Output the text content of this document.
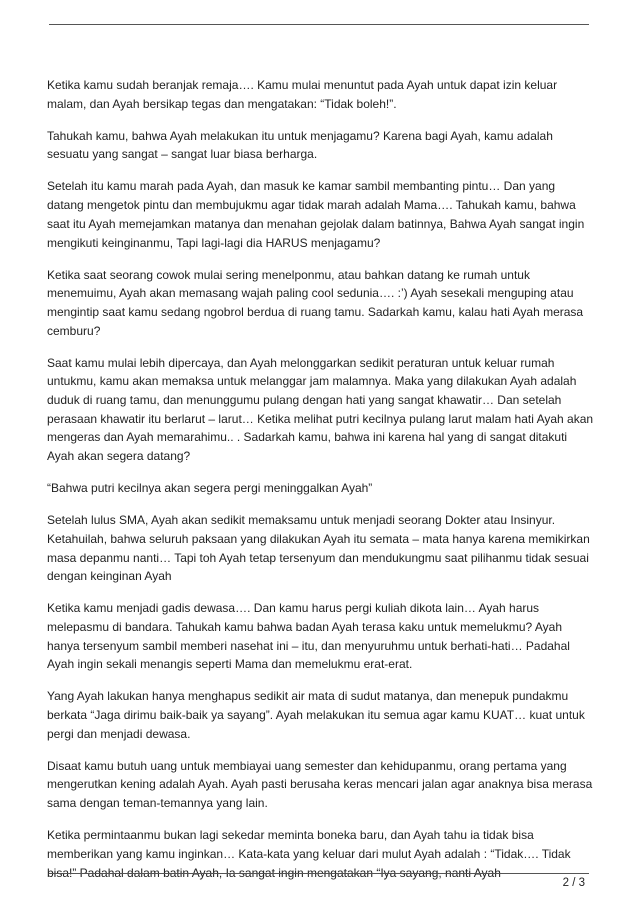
Ketika kamu sudah beranjak remaja…. Kamu mulai menuntut pada Ayah untuk dapat izin keluar malam, dan Ayah bersikap tegas dan mengatakan: “Tidak boleh!”.

Tahukah kamu, bahwa Ayah melakukan itu untuk menjagamu? Karena bagi Ayah, kamu adalah sesuatu yang sangat – sangat luar biasa berharga.

Setelah itu kamu marah pada Ayah, dan masuk ke kamar sambil membanting pintu… Dan yang datang mengetok pintu dan membujukmu agar tidak marah adalah Mama…. Tahukah kamu, bahwa saat itu Ayah memejamkan matanya dan menahan gejolak dalam batinnya, Bahwa Ayah sangat ingin mengikuti keinginanmu, Tapi lagi-lagi dia HARUS menjagamu?

Ketika saat seorang cowok mulai sering menelponmu, atau bahkan datang ke rumah untuk menemuimu, Ayah akan memasang wajah paling cool sedunia…. :’) Ayah sesekali menguping atau mengintip saat kamu sedang ngobrol berdua di ruang tamu. Sadarkah kamu, kalau hati Ayah merasa cemburu?

Saat kamu mulai lebih dipercaya, dan Ayah melonggarkan sedikit peraturan untuk keluar rumah untukmu, kamu akan memaksa untuk melanggar jam malamnya. Maka yang dilakukan Ayah adalah duduk di ruang tamu, dan menunggumu pulang dengan hati yang sangat khawatir… Dan setelah perasaan khawatir itu berlarut – larut… Ketika melihat putri kecilnya pulang larut malam hati Ayah akan mengeras dan Ayah memarahimu.. . Sadarkah kamu, bahwa ini karena hal yang di sangat ditakuti Ayah akan segera datang?

“Bahwa putri kecilnya akan segera pergi meninggalkan Ayah”

Setelah lulus SMA, Ayah akan sedikit memaksamu untuk menjadi seorang Dokter atau Insinyur. Ketahuilah, bahwa seluruh paksaan yang dilakukan Ayah itu semata – mata hanya karena memikirkan masa depanmu nanti… Tapi toh Ayah tetap tersenyum dan mendukungmu saat pilihanmu tidak sesuai dengan keinginan Ayah

Ketika kamu menjadi gadis dewasa…. Dan kamu harus pergi kuliah dikota lain… Ayah harus melepasmu di bandara. Tahukah kamu bahwa badan Ayah terasa kaku untuk memelukmu? Ayah hanya tersenyum sambil memberi nasehat ini – itu, dan menyuruhmu untuk berhati-hati… Padahal Ayah ingin sekali menangis seperti Mama dan memelukmu erat-erat.

Yang Ayah lakukan hanya menghapus sedikit air mata di sudut matanya, dan menepuk pundakmu berkata “Jaga dirimu baik-baik ya sayang”. Ayah melakukan itu semua agar kamu KUAT… kuat untuk pergi dan menjadi dewasa.

Disaat kamu butuh uang untuk membiayai uang semester dan kehidupanmu, orang pertama yang mengerutkan kening adalah Ayah. Ayah pasti berusaha keras mencari jalan agar anaknya bisa merasa sama dengan teman-temannya yang lain.

Ketika permintaanmu bukan lagi sekedar meminta boneka baru, dan Ayah tahu ia tidak bisa memberikan yang kamu inginkan… Kata-kata yang keluar dari mulut Ayah adalah : “Tidak…. Tidak bisa!” Padahal dalam batin Ayah, Ia sangat ingin mengatakan “Iya sayang, nanti Ayah

2 / 3
